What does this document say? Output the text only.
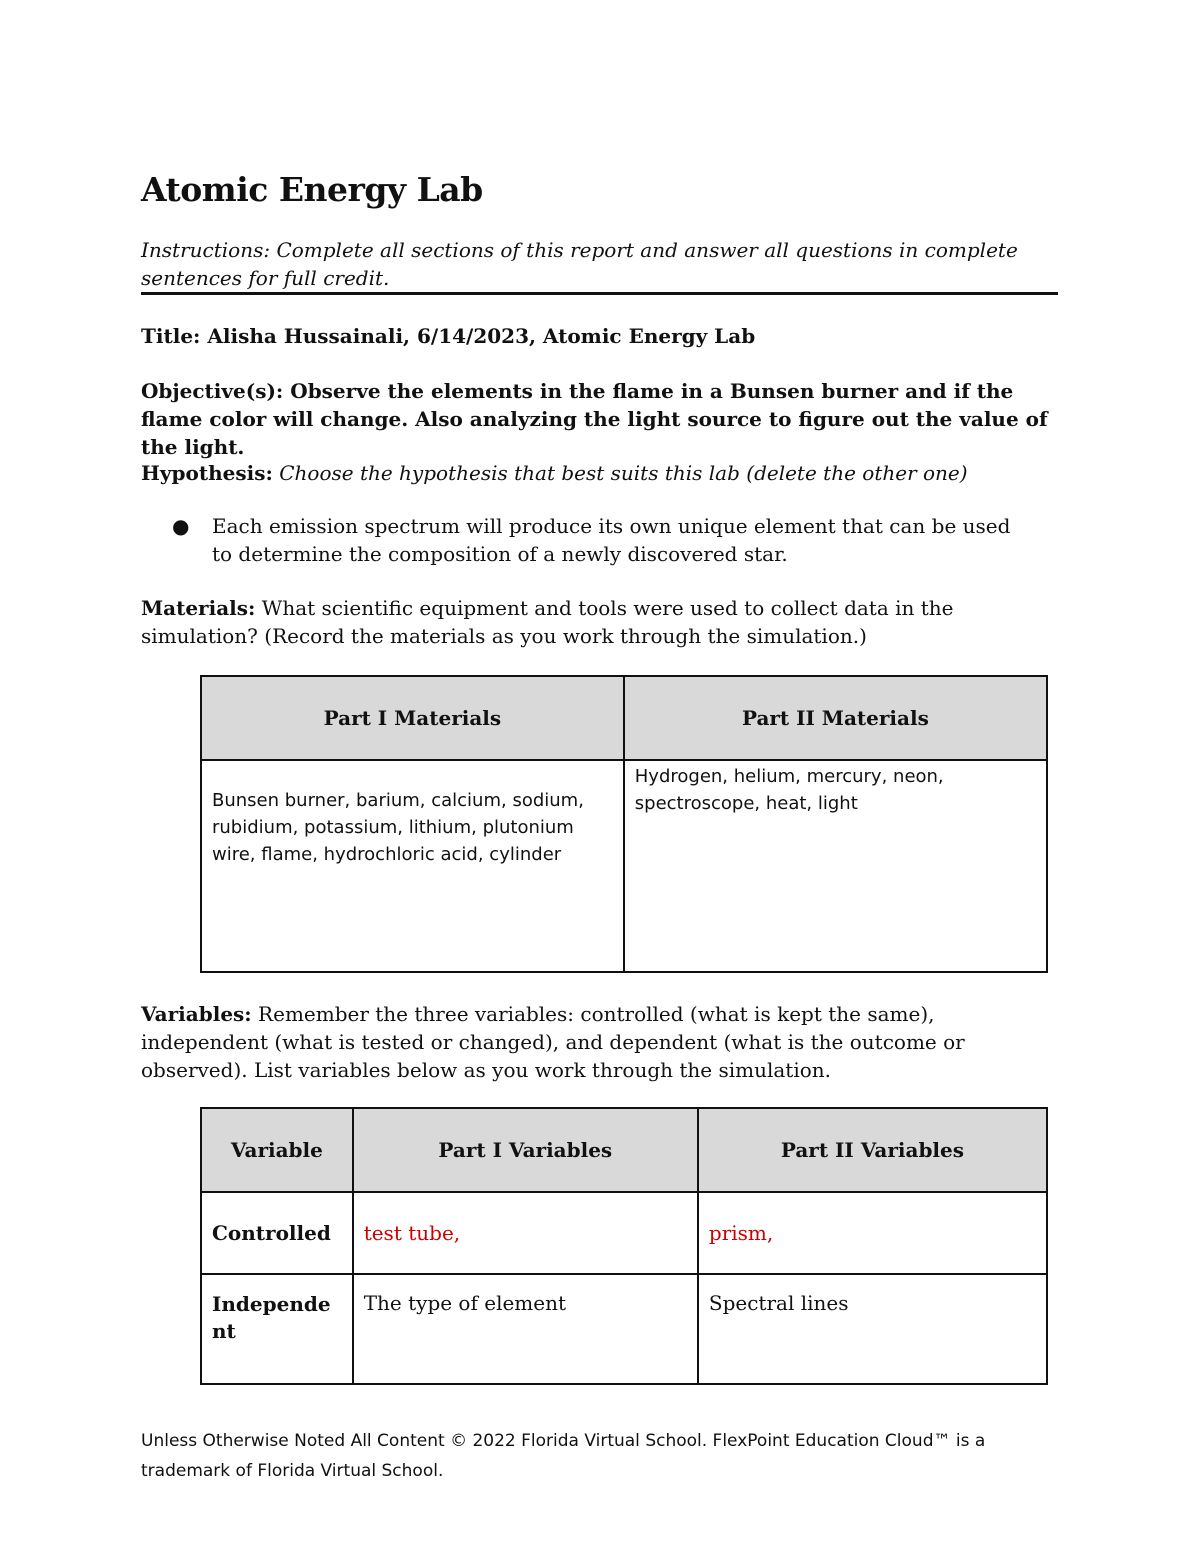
Atomic Energy Lab
Instructions: Complete all sections of this report and answer all questions in complete sentences for full credit.
Title: Alisha Hussainali, 6/14/2023, Atomic Energy Lab
Objective(s): Observe the elements in the flame in a Bunsen burner and if the flame color will change. Also analyzing the light source to figure out the value of the light.
Hypothesis: Choose the hypothesis that best suits this lab (delete the other one)
● Each emission spectrum will produce its own unique element that can be used to determine the composition of a newly discovered star.
Materials: What scientific equipment and tools were used to collect data in the simulation? (Record the materials as you work through the simulation.)
Part I Materials	Part II Materials

Bunsen burner, barium, calcium, sodium, rubidium, potassium, lithium, plutonium wire, flame, hydrochloric acid, cylinder	Hydrogen, helium, mercury, neon, spectroscope, heat, light
Variables: Remember the three variables: controlled (what is kept the same), independent (what is tested or changed), and dependent (what is the outcome or observed). List variables below as you work through the simulation.
Variable	Part I Variables	Part II Variables
Controlled	test tube,	prism,
Independent	The type of element	Spectral lines
Unless Otherwise Noted All Content © 2022 Florida Virtual School. FlexPoint Education Cloud™ is a trademark of Florida Virtual School.
